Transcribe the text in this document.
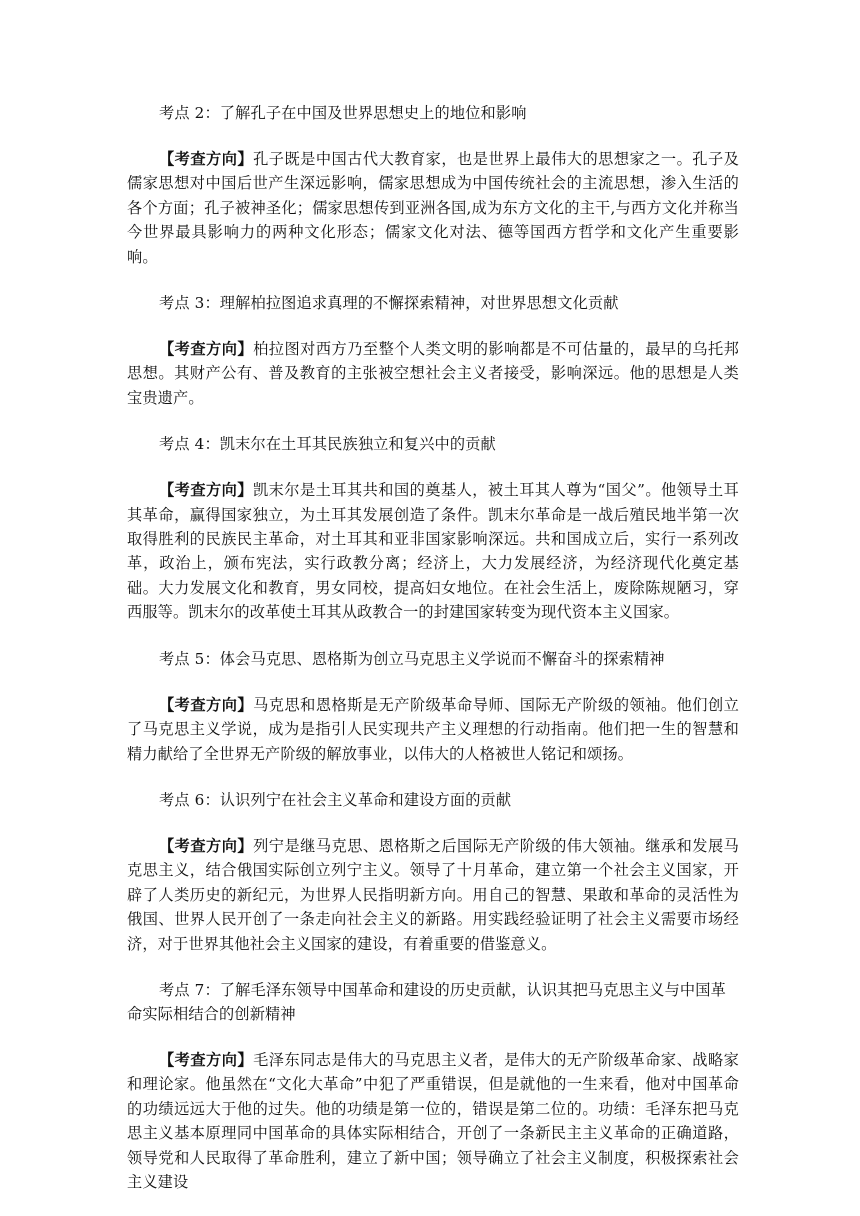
考点 2：了解孔子在中国及世界思想史上的地位和影响

【考查方向】孔子既是中国古代大教育家，也是世界上最伟大的思想家之一。孔子及儒家思想对中国后世产生深远影响，儒家思想成为中国传统社会的主流思想，渗入生活的各个方面；孔子被神圣化；儒家思想传到亚洲各国,成为东方文化的主干,与西方文化并称当今世界最具影响力的两种文化形态；儒家文化对法、德等国西方哲学和文化产生重要影响。

考点 3：理解柏拉图追求真理的不懈探索精神，对世界思想文化贡献

【考查方向】柏拉图对西方乃至整个人类文明的影响都是不可估量的，最早的乌托邦思想。其财产公有、普及教育的主张被空想社会主义者接受，影响深远。他的思想是人类宝贵遗产。

考点 4：凯末尔在土耳其民族独立和复兴中的贡献

【考查方向】凯末尔是土耳其共和国的奠基人，被土耳其人尊为“国父”。他领导土耳其革命，赢得国家独立，为土耳其发展创造了条件。凯末尔革命是一战后殖民地半第一次取得胜利的民族民主革命，对土耳其和亚非国家影响深远。共和国成立后，实行一系列改革，政治上，颁布宪法，实行政教分离；经济上，大力发展经济，为经济现代化奠定基础。大力发展文化和教育，男女同校，提高妇女地位。在社会生活上，废除陈规陋习，穿西服等。凯末尔的改革使土耳其从政教合一的封建国家转变为现代资本主义国家。

考点 5：体会马克思、恩格斯为创立马克思主义学说而不懈奋斗的探索精神

【考查方向】马克思和恩格斯是无产阶级革命导师、国际无产阶级的领袖。他们创立了马克思主义学说，成为是指引人民实现共产主义理想的行动指南。他们把一生的智慧和精力献给了全世界无产阶级的解放事业，以伟大的人格被世人铭记和颂扬。

考点 6：认识列宁在社会主义革命和建设方面的贡献

【考查方向】列宁是继马克思、恩格斯之后国际无产阶级的伟大领袖。继承和发展马克思主义，结合俄国实际创立列宁主义。领导了十月革命，建立第一个社会主义国家，开辟了人类历史的新纪元，为世界人民指明新方向。用自己的智慧、果敢和革命的灵活性为俄国、世界人民开创了一条走向社会主义的新路。用实践经验证明了社会主义需要市场经济，对于世界其他社会主义国家的建设，有着重要的借鉴意义。

考点 7：了解毛泽东领导中国革命和建设的历史贡献，认识其把马克思主义与中国革命实际相结合的创新精神

【考查方向】毛泽东同志是伟大的马克思主义者，是伟大的无产阶级革命家、战略家和理论家。他虽然在“文化大革命”中犯了严重错误，但是就他的一生来看，他对中国革命的功绩远远大于他的过失。他的功绩是第一位的，错误是第二位的。功绩：毛泽东把马克思主义基本原理同中国革命的具体实际相结合，开创了一条新民主主义革命的正确道路，领导党和人民取得了革命胜利，建立了新中国；领导确立了社会主义制度，积极探索社会主义建设
